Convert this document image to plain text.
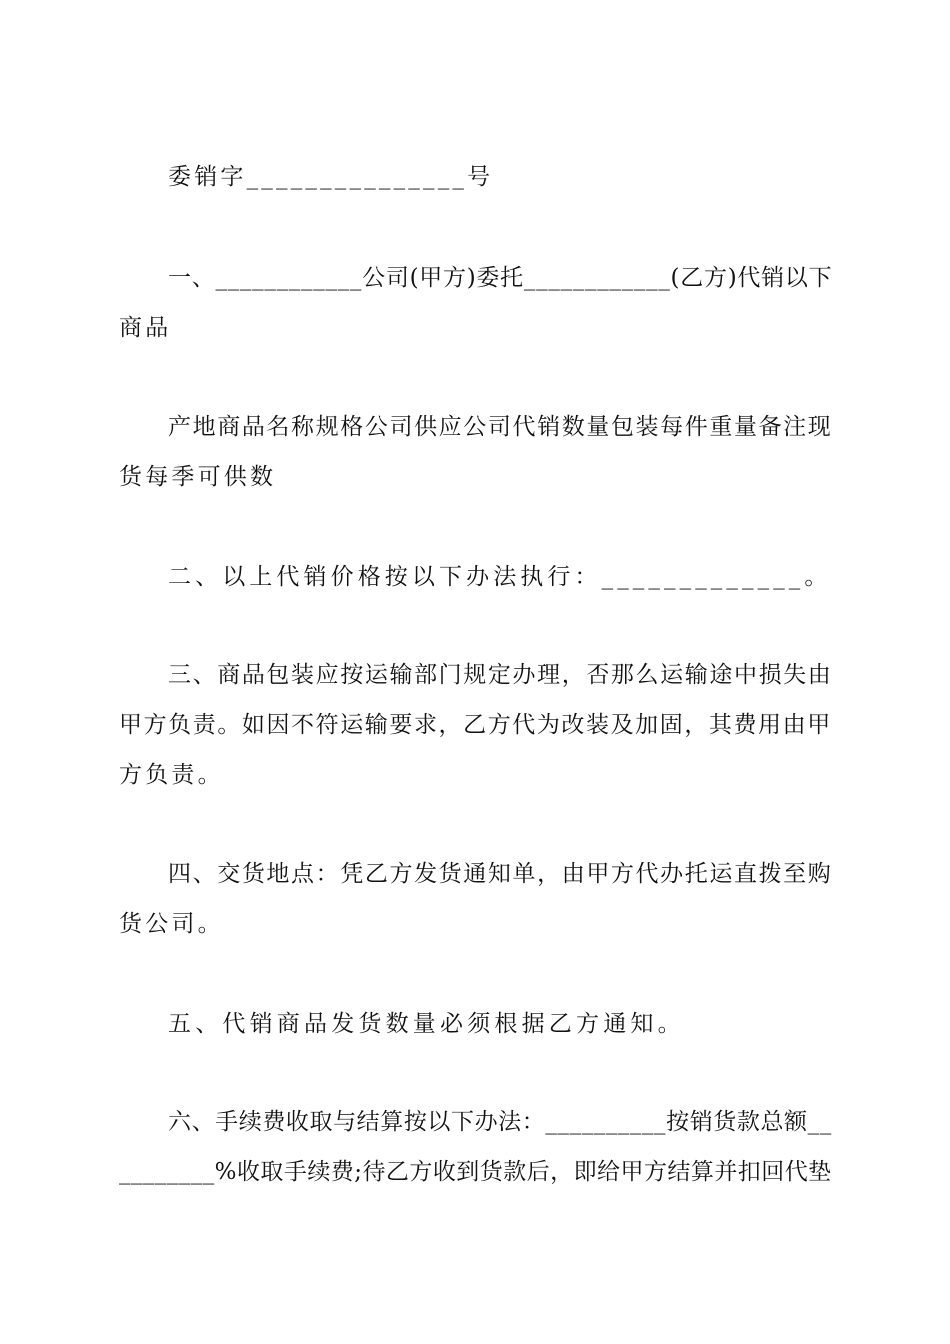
委销字_______________号
一、____________公司(甲方)委托____________(乙方)代销以下
商品
产地商品名称规格公司供应公司代销数量包装每件重量备注现
货每季可供数
二、以上代销价格按以下办法执行：_____________。
三、商品包装应按运输部门规定办理，否那么运输途中损失由
甲方负责。如因不符运输要求，乙方代为改装及加固，其费用由甲
方负责。
四、交货地点：凭乙方发货通知单，由甲方代办托运直拨至购
货公司。
五、代销商品发货数量必须根据乙方通知。
六、手续费收取与结算按以下办法：__________按销货款总额__
________%收取手续费;待乙方收到货款后，即给甲方结算并扣回代垫
